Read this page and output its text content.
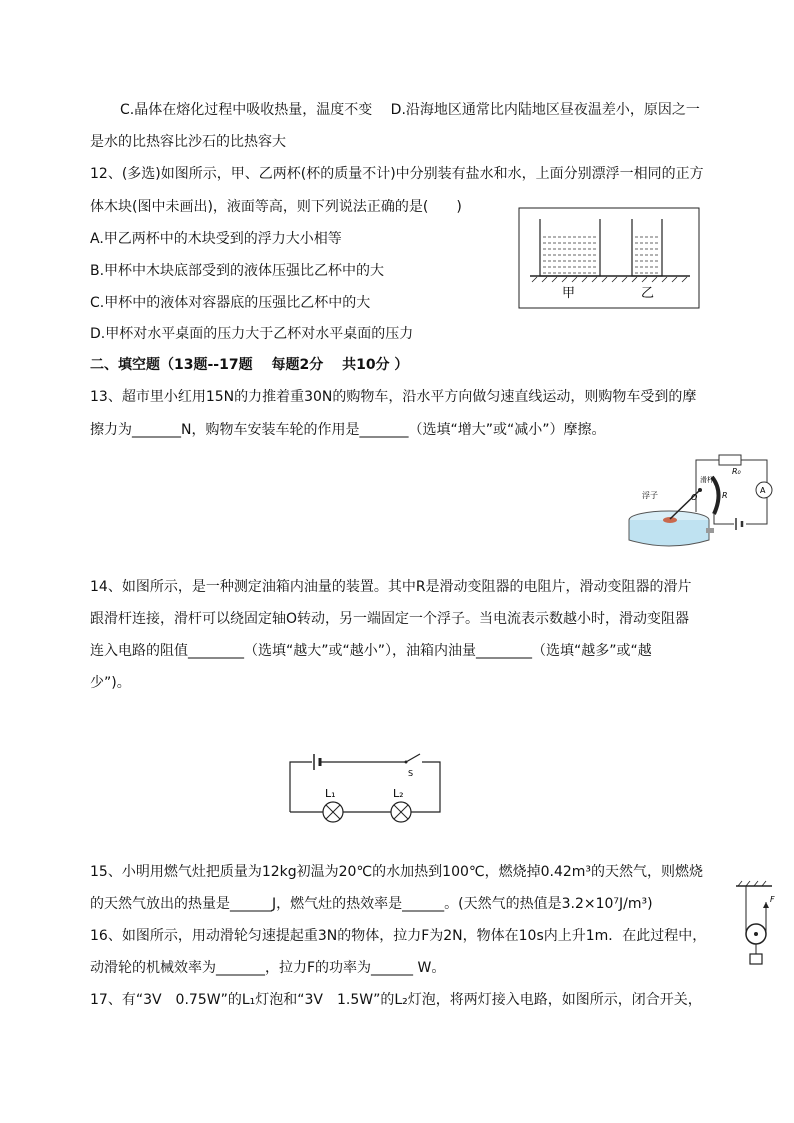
C.晶体在熔化过程中吸收热量，温度不变　 D.沿海地区通常比内陆地区昼夜温差小，原因之一
是水的比热容比沙石的比热容大
12、(多选)如图所示，甲、乙两杯(杯的质量不计)中分别装有盐水和水，上面分别漂浮一相同的正方
体木块(图中未画出)，液面等高，则下列说法正确的是(　　)
A.甲乙两杯中的木块受到的浮力大小相等
B.甲杯中木块底部受到的液体压强比乙杯中的大
C.甲杯中的液体对容器底的压强比乙杯中的大
D.甲杯对水平桌面的压力大于乙杯对水平桌面的压力
二、填空题（13题--17题　 每题2分　 共10分 ）
13、超市里小红用15N的力推着重30N的购物车，沿水平方向做匀速直线运动，则购物车受到的摩
擦力为_______N，购物车安装车轮的作用是_______（选填“增大”或“减小”）摩擦。
14、如图所示，是一种测定油箱内油量的装置。其中R是滑动变阻器的电阻片，滑动变阻器的滑片
跟滑杆连接，滑杆可以绕固定轴O转动，另一端固定一个浮子。当电流表示数越小时，滑动变阻器
连入电路的阻值________（选填“越大”或“越小”），油箱内油量________（选填“越多”或“越
少”)。
15、小明用燃气灶把质量为12kg初温为20℃的水加热到100℃，燃烧掉0.42m³的天然气，则燃烧
的天然气放出的热量是______J，燃气灶的热效率是______。(天然气的热值是3.2×10⁷J/m³)
16、如图所示，用动滑轮匀速提起重3N的物体，拉力F为2N，物体在10s内上升1m．在此过程中，
动滑轮的机械效率为_______，拉力F的功率为______ W。
17、有“3V　0.75W”的L₁灯泡和“3V　1.5W”的L₂灯泡，将两灯接入电路，如图所示，闭合开关，
甲	乙
浮子
滑杆
O	R
R₀
A
L₁	L₂
S
F
